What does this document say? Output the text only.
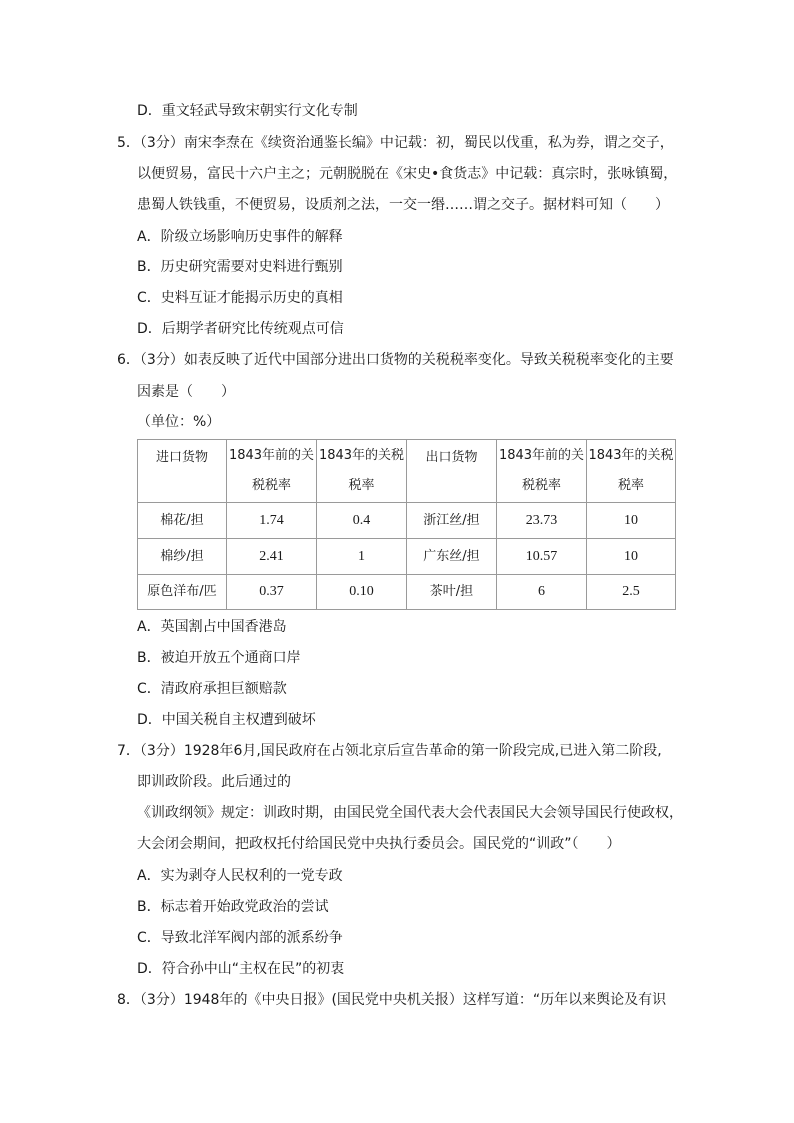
D．重文轻武导致宋朝实行文化专制
5．（3分）南宋李焘在《续资治通鉴长编》中记载：初，蜀民以伐重，私为券，谓之交子，
以便贸易，富民十六户主之；元朝脱脱在《宋史•食货志》中记载：真宗时，张咏镇蜀，
患蜀人铁钱重，不便贸易，设质剂之法，一交一缗……谓之交子。据材料可知（　　）
A．阶级立场影响历史事件的解释
B．历史研究需要对史料进行甄别
C．史料互证才能揭示历史的真相
D．后期学者研究比传统观点可信
6．（3分）如表反映了近代中国部分进出口货物的关税税率变化。导致关税税率变化的主要
因素是（　　）
（单位：%）
进口货物	1843年前的关税税率	1843年的关税税率	出口货物	1843年前的关税税率	1843年的关税税率
棉花/担	1.74	0.4	浙江丝/担	23.73	10
棉纱/担	2.41	1	广东丝/担	10.57	10
原色洋布/匹	0.37	0.10	茶叶/担	6	2.5
A．英国割占中国香港岛
B．被迫开放五个通商口岸
C．清政府承担巨额赔款
D．中国关税自主权遭到破坏
7．（3分）1928年6月,国民政府在占领北京后宣告革命的第一阶段完成,已进入第二阶段,
即训政阶段。此后通过的
《训政纲领》规定：训政时期，由国民党全国代表大会代表国民大会领导国民行使政权，
大会闭会期间，把政权托付给国民党中央执行委员会。国民党的“训政”（　　）
A．实为剥夺人民权利的一党专政
B．标志着开始政党政治的尝试
C．导致北洋军阀内部的派系纷争
D．符合孙中山“主权在民”的初衷
8．（3分）1948年的《中央日报》(国民党中央机关报）这样写道：“历年以来舆论及有识
